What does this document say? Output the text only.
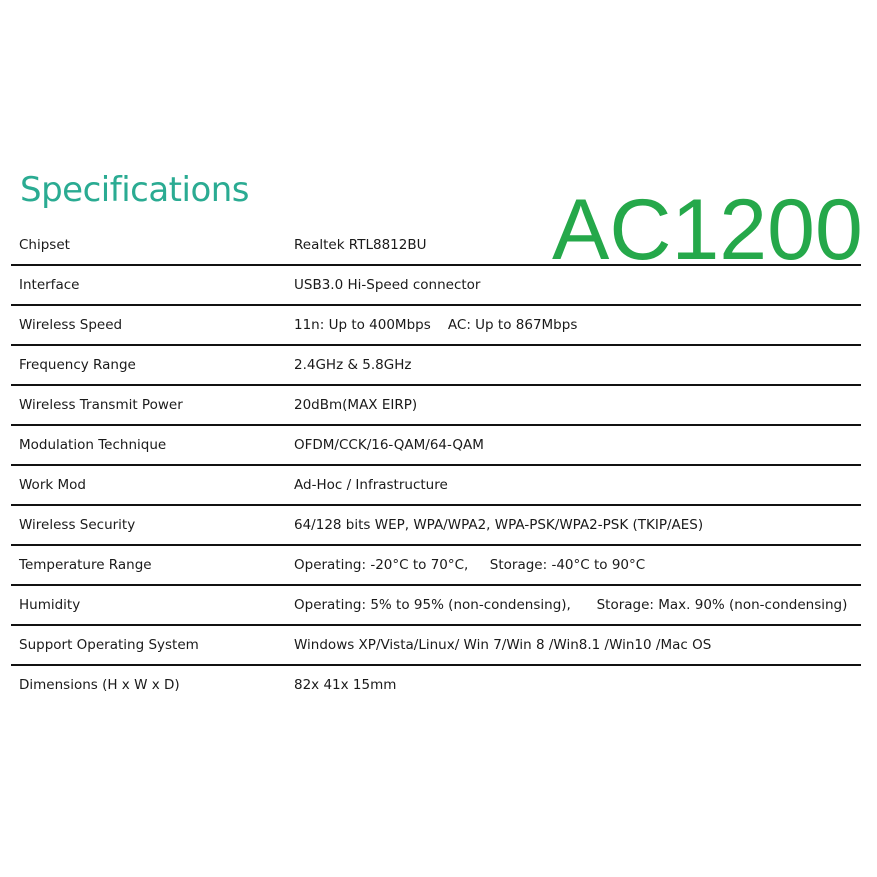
Specifications	AC1200
Chipset	Realtek RTL8812BU
Interface	USB3.0 Hi-Speed connector
Wireless Speed	11n: Up to 400Mbps    AC: Up to 867Mbps
Frequency Range	2.4GHz & 5.8GHz
Wireless Transmit Power	20dBm(MAX EIRP)
Modulation Technique	OFDM/CCK/16-QAM/64-QAM
Work Mod	Ad-Hoc / Infrastructure
Wireless Security	64/128 bits WEP, WPA/WPA2, WPA-PSK/WPA2-PSK (TKIP/AES)
Temperature Range	Operating: -20°C to 70°C,     Storage: -40°C to 90°C
Humidity	Operating: 5% to 95% (non-condensing),      Storage: Max. 90% (non-condensing)
Support Operating System	Windows XP/Vista/Linux/ Win 7/Win 8 /Win8.1 /Win10 /Mac OS
Dimensions (H x W x D)	82x 41x 15mm
